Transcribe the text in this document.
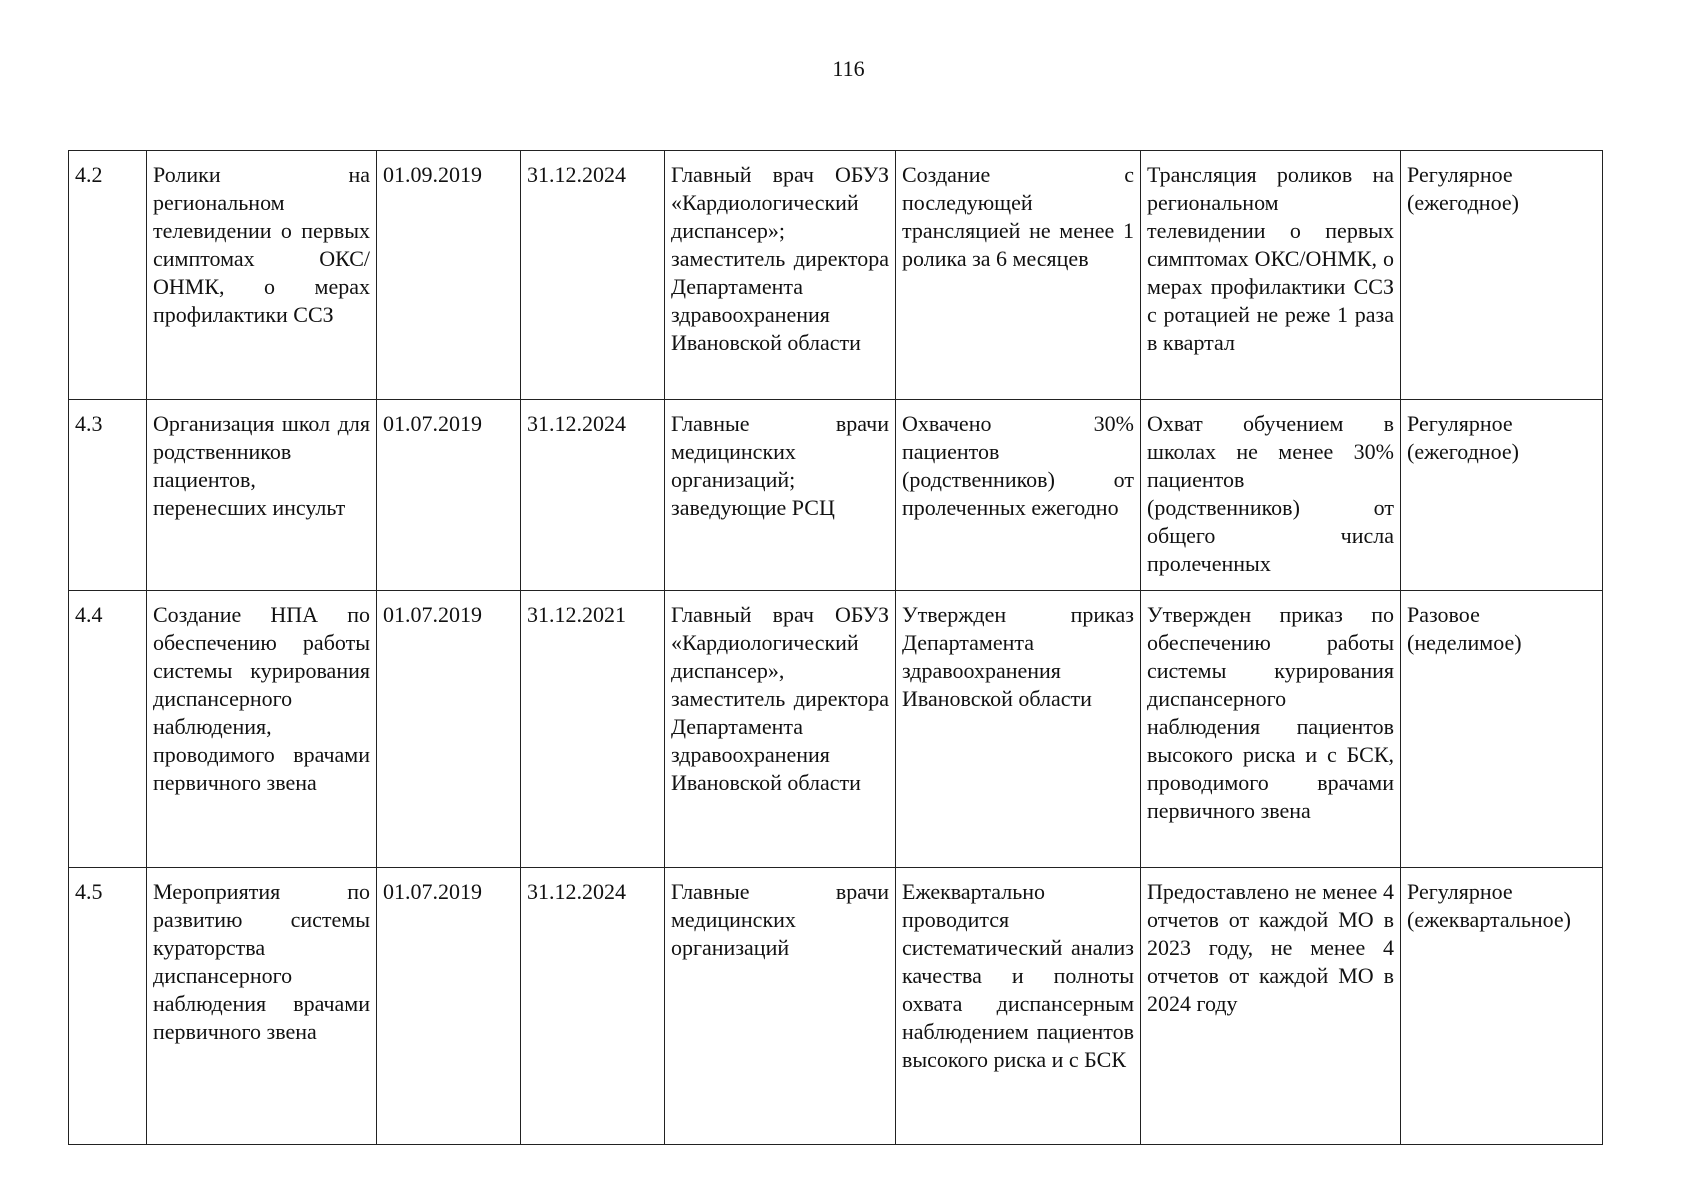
116
4.2	Ролики на региональном телевидении о первых симптомах ОКС/ОНМК, о мерах профилактики ССЗ	01.09.2019	31.12.2024	Главный врач ОБУЗ «Кардиологический диспансер»; заместитель директора Департамента здравоохранения Ивановской области	Создание с последующей трансляцией не менее 1 ролика за 6 месяцев	Трансляция роликов на региональном телевидении о первых симптомах ОКС/ОНМК, о мерах профилактики ССЗ с ротацией не реже 1 раза в квартал	Регулярное (ежегодное)
4.3	Организация школ для родственников пациентов, перенесших инсульт	01.07.2019	31.12.2024	Главные врачи медицинских организаций; заведующие РСЦ	Охвачено 30% пациентов (родственников) от пролеченных ежегодно	Охват обучением в школах не менее 30% пациентов (родственников) от общего числа пролеченных	Регулярное (ежегодное)
4.4	Создание НПА по обеспечению работы системы курирования диспансерного наблюдения, проводимого врачами первичного звена	01.07.2019	31.12.2021	Главный врач ОБУЗ «Кардиологический диспансер», заместитель директора Департамента здравоохранения Ивановской области	Утвержден приказ Департамента здравоохранения Ивановской области	Утвержден приказ по обеспечению работы системы курирования диспансерного наблюдения пациентов высокого риска и с БСК, проводимого врачами первичного звена	Разовое (неделимое)
4.5	Мероприятия по развитию системы кураторства диспансерного наблюдения врачами первичного звена	01.07.2019	31.12.2024	Главные врачи медицинских организаций	Ежеквартально проводится систематический анализ качества и полноты охвата диспансерным наблюдением пациентов высокого риска и с БСК	Предоставлено не менее 4 отчетов от каждой МО в 2023 году, не менее 4 отчетов от каждой МО в 2024 году	Регулярное (ежеквартальное)
